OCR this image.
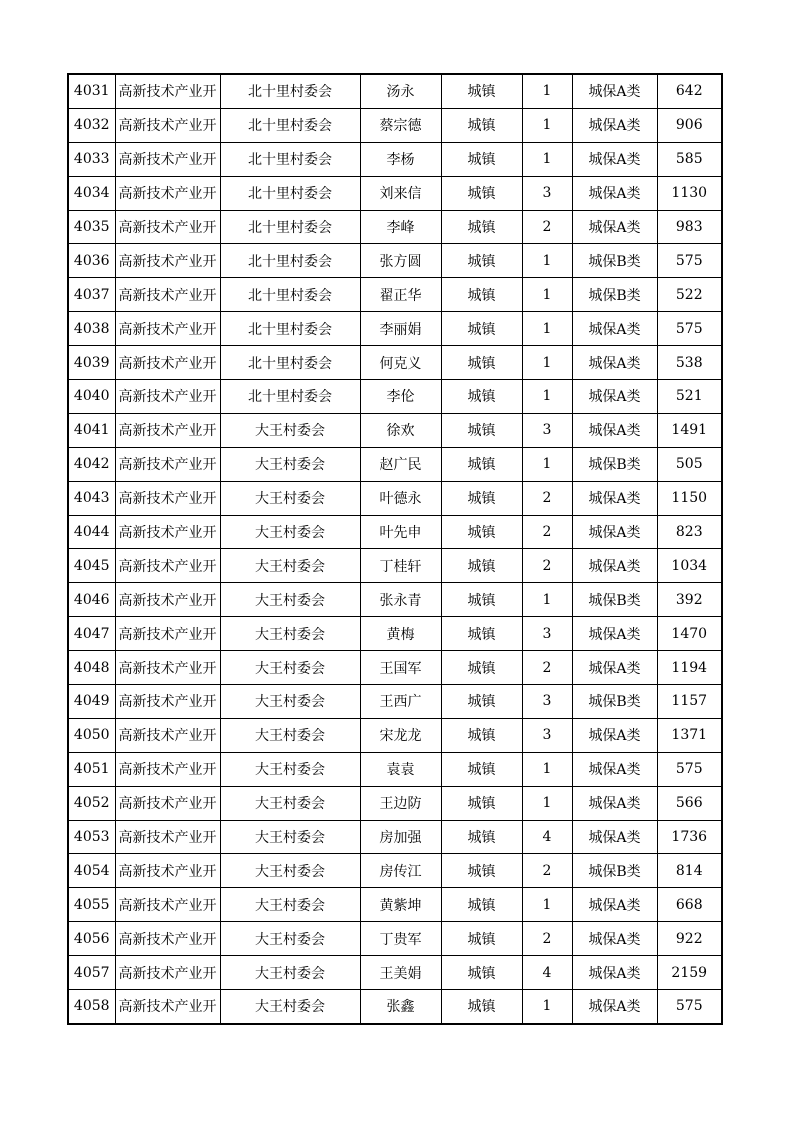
4031	高新技术产业开	北十里村委会	汤永	城镇	1	城保A类	642
4032	高新技术产业开	北十里村委会	蔡宗德	城镇	1	城保A类	906
4033	高新技术产业开	北十里村委会	李杨	城镇	1	城保A类	585
4034	高新技术产业开	北十里村委会	刘来信	城镇	3	城保A类	1130
4035	高新技术产业开	北十里村委会	李峰	城镇	2	城保A类	983
4036	高新技术产业开	北十里村委会	张方圆	城镇	1	城保B类	575
4037	高新技术产业开	北十里村委会	翟正华	城镇	1	城保B类	522
4038	高新技术产业开	北十里村委会	李丽娟	城镇	1	城保A类	575
4039	高新技术产业开	北十里村委会	何克义	城镇	1	城保A类	538
4040	高新技术产业开	北十里村委会	李伦	城镇	1	城保A类	521
4041	高新技术产业开	大王村委会	徐欢	城镇	3	城保A类	1491
4042	高新技术产业开	大王村委会	赵广民	城镇	1	城保B类	505
4043	高新技术产业开	大王村委会	叶德永	城镇	2	城保A类	1150
4044	高新技术产业开	大王村委会	叶先申	城镇	2	城保A类	823
4045	高新技术产业开	大王村委会	丁桂轩	城镇	2	城保A类	1034
4046	高新技术产业开	大王村委会	张永青	城镇	1	城保B类	392
4047	高新技术产业开	大王村委会	黄梅	城镇	3	城保A类	1470
4048	高新技术产业开	大王村委会	王国军	城镇	2	城保A类	1194
4049	高新技术产业开	大王村委会	王西广	城镇	3	城保B类	1157
4050	高新技术产业开	大王村委会	宋龙龙	城镇	3	城保A类	1371
4051	高新技术产业开	大王村委会	袁袁	城镇	1	城保A类	575
4052	高新技术产业开	大王村委会	王边防	城镇	1	城保A类	566
4053	高新技术产业开	大王村委会	房加强	城镇	4	城保A类	1736
4054	高新技术产业开	大王村委会	房传江	城镇	2	城保B类	814
4055	高新技术产业开	大王村委会	黄紫坤	城镇	1	城保A类	668
4056	高新技术产业开	大王村委会	丁贵军	城镇	2	城保A类	922
4057	高新技术产业开	大王村委会	王美娟	城镇	4	城保A类	2159
4058	高新技术产业开	大王村委会	张鑫	城镇	1	城保A类	575
